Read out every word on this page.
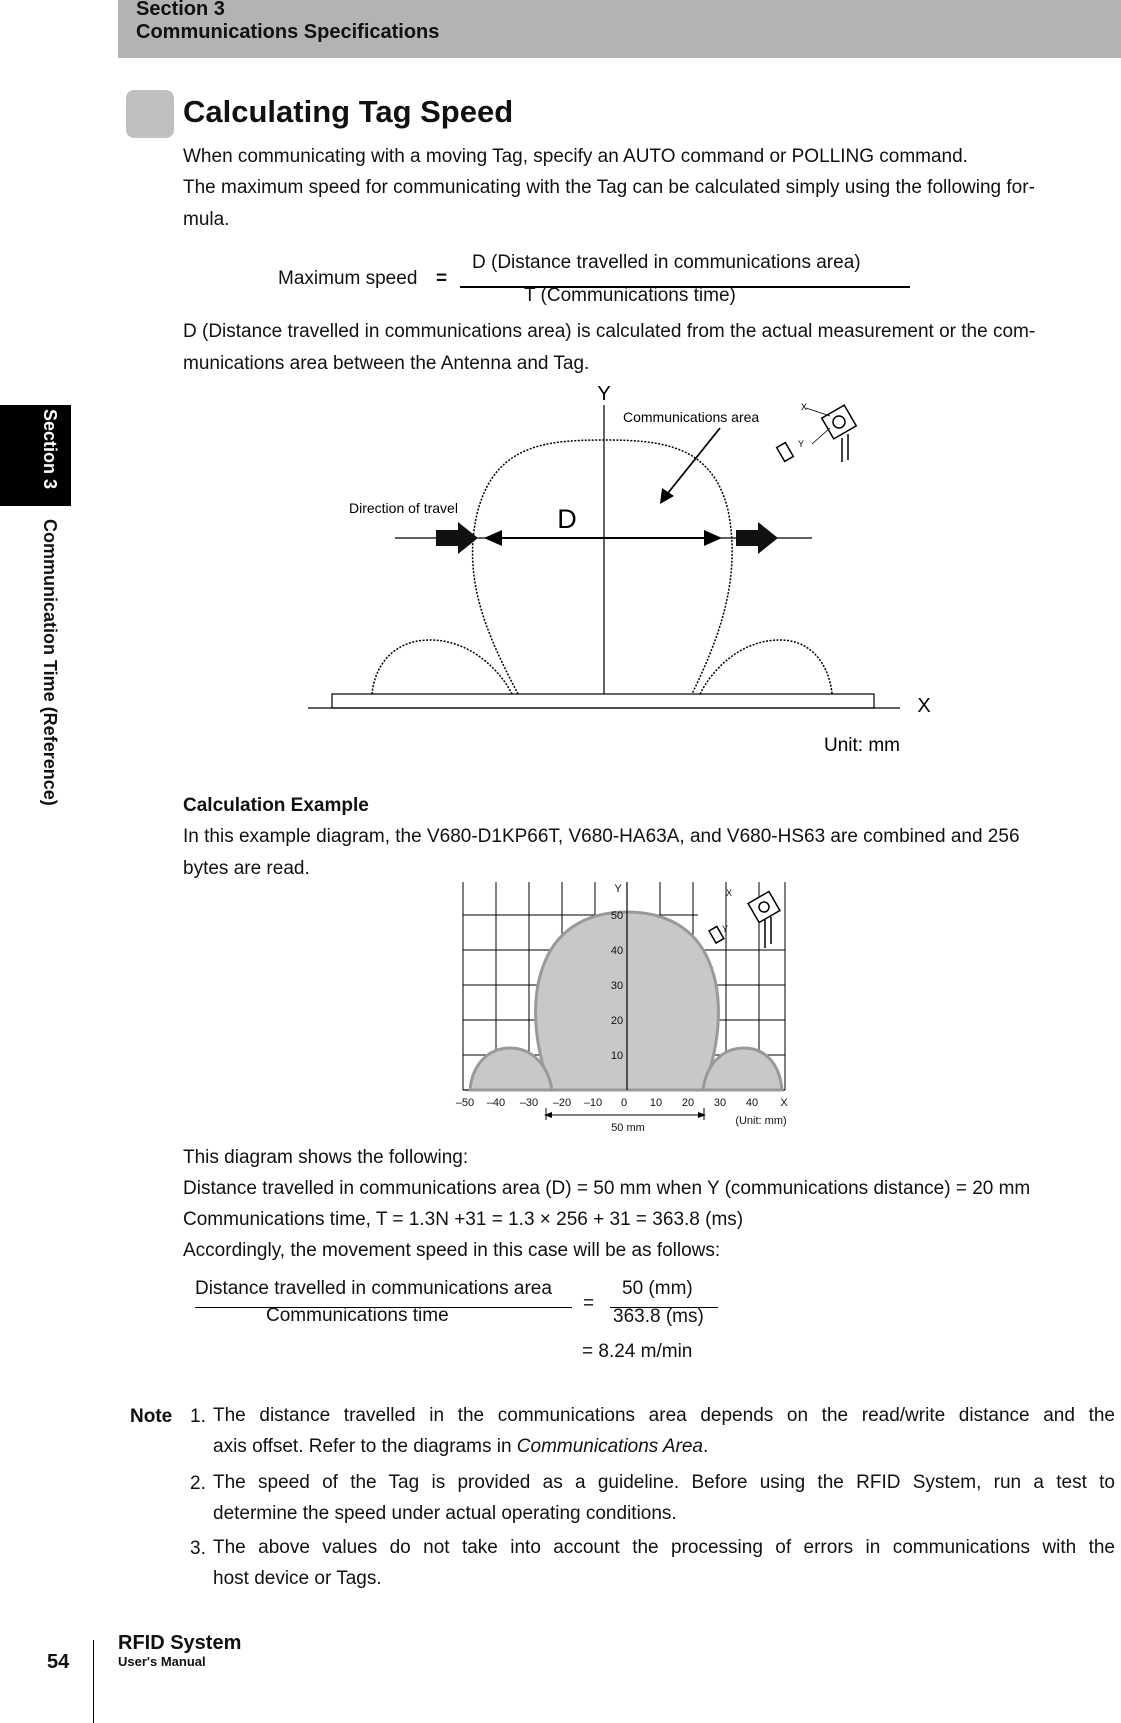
Section 3
Communications Specifications
Section 3
Communication Time (Reference)
Calculating Tag Speed
When communicating with a moving Tag, specify an AUTO command or POLLING command.
The maximum speed for communicating with the Tag can be calculated simply using the following for-
mula.
Maximum speed =
D (Distance travelled in communications area)
T (Communications time)
D (Distance travelled in communications area) is calculated from the actual measurement or the com-
munications area between the Antenna and Tag.
Y
X
Communications area
Direction of travel	D
X
Y
Unit: mm
Calculation Example
In this example diagram, the V680-D1KP66T, V680-HA63A, and V680-HS63 are combined and 256
bytes are read.
Y
50
40
30
20
10
–50 –40 –30 –20 –10 0 10 20 30 40 X
50 mm
(Unit: mm)
X
Y
This diagram shows the following:
Distance travelled in communications area (D) = 50 mm when Y (communications distance) = 20 mm
Communications time, T = 1.3N +31 = 1.3 × 256 + 31 = 363.8 (ms)
Accordingly, the movement speed in this case will be as follows:
Distance travelled in communications area
Communications time
=
50 (mm)
363.8 (ms)
= 8.24 m/min
Note 1. The distance travelled in the communications area depends on the read/write distance and the
axis offset. Refer to the diagrams in Communications Area.
2. The speed of the Tag is provided as a guideline. Before using the RFID System, run a test to
determine the speed under actual operating conditions.
3. The above values do not take into account the processing of errors in communications with the
host device or Tags.
54
RFID System
User's Manual
